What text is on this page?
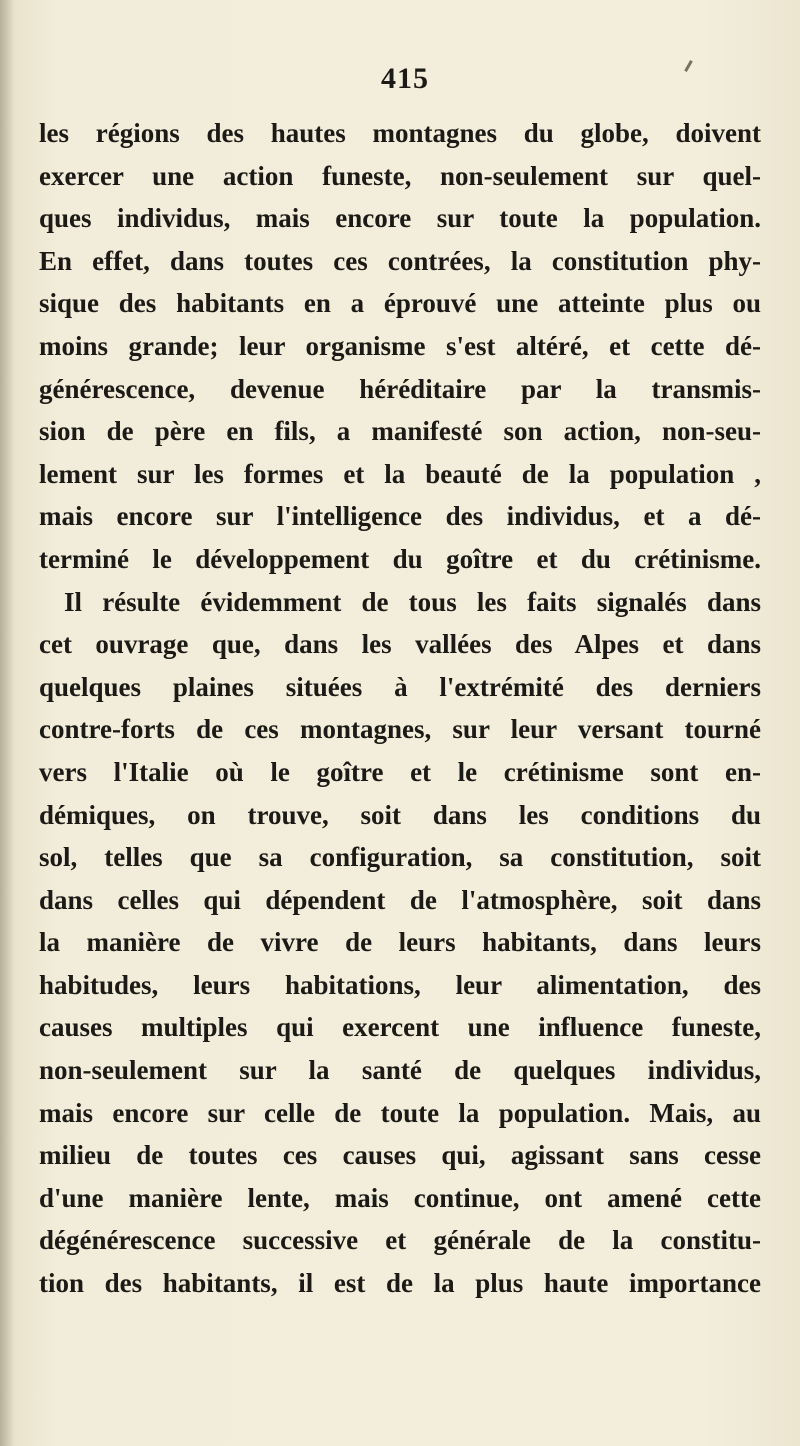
415
les régions des hautes montagnes du globe, doivent
exercer une action funeste, non-seulement sur quel-
ques individus, mais encore sur toute la population.
En effet, dans toutes ces contrées, la constitution phy-
sique des habitants en a éprouvé une atteinte plus ou
moins grande; leur organisme s'est altéré, et cette dé-
générescence, devenue héréditaire par la transmis-
sion de père en fils, a manifesté son action, non-seu-
lement sur les formes et la beauté de la population ,
mais encore sur l'intelligence des individus, et a dé-
terminé le développement du goître et du crétinisme.
Il résulte évidemment de tous les faits signalés dans
cet ouvrage que, dans les vallées des Alpes et dans
quelques plaines situées à l'extrémité des derniers
contre-forts de ces montagnes, sur leur versant tourné
vers l'Italie où le goître et le crétinisme sont en-
démiques, on trouve, soit dans les conditions du
sol, telles que sa configuration, sa constitution, soit
dans celles qui dépendent de l'atmosphère, soit dans
la manière de vivre de leurs habitants, dans leurs
habitudes, leurs habitations, leur alimentation, des
causes multiples qui exercent une influence funeste,
non-seulement sur la santé de quelques individus,
mais encore sur celle de toute la population. Mais, au
milieu de toutes ces causes qui, agissant sans cesse
d'une manière lente, mais continue, ont amené cette
dégénérescence successive et générale de la constitu-
tion des habitants, il est de la plus haute importance
